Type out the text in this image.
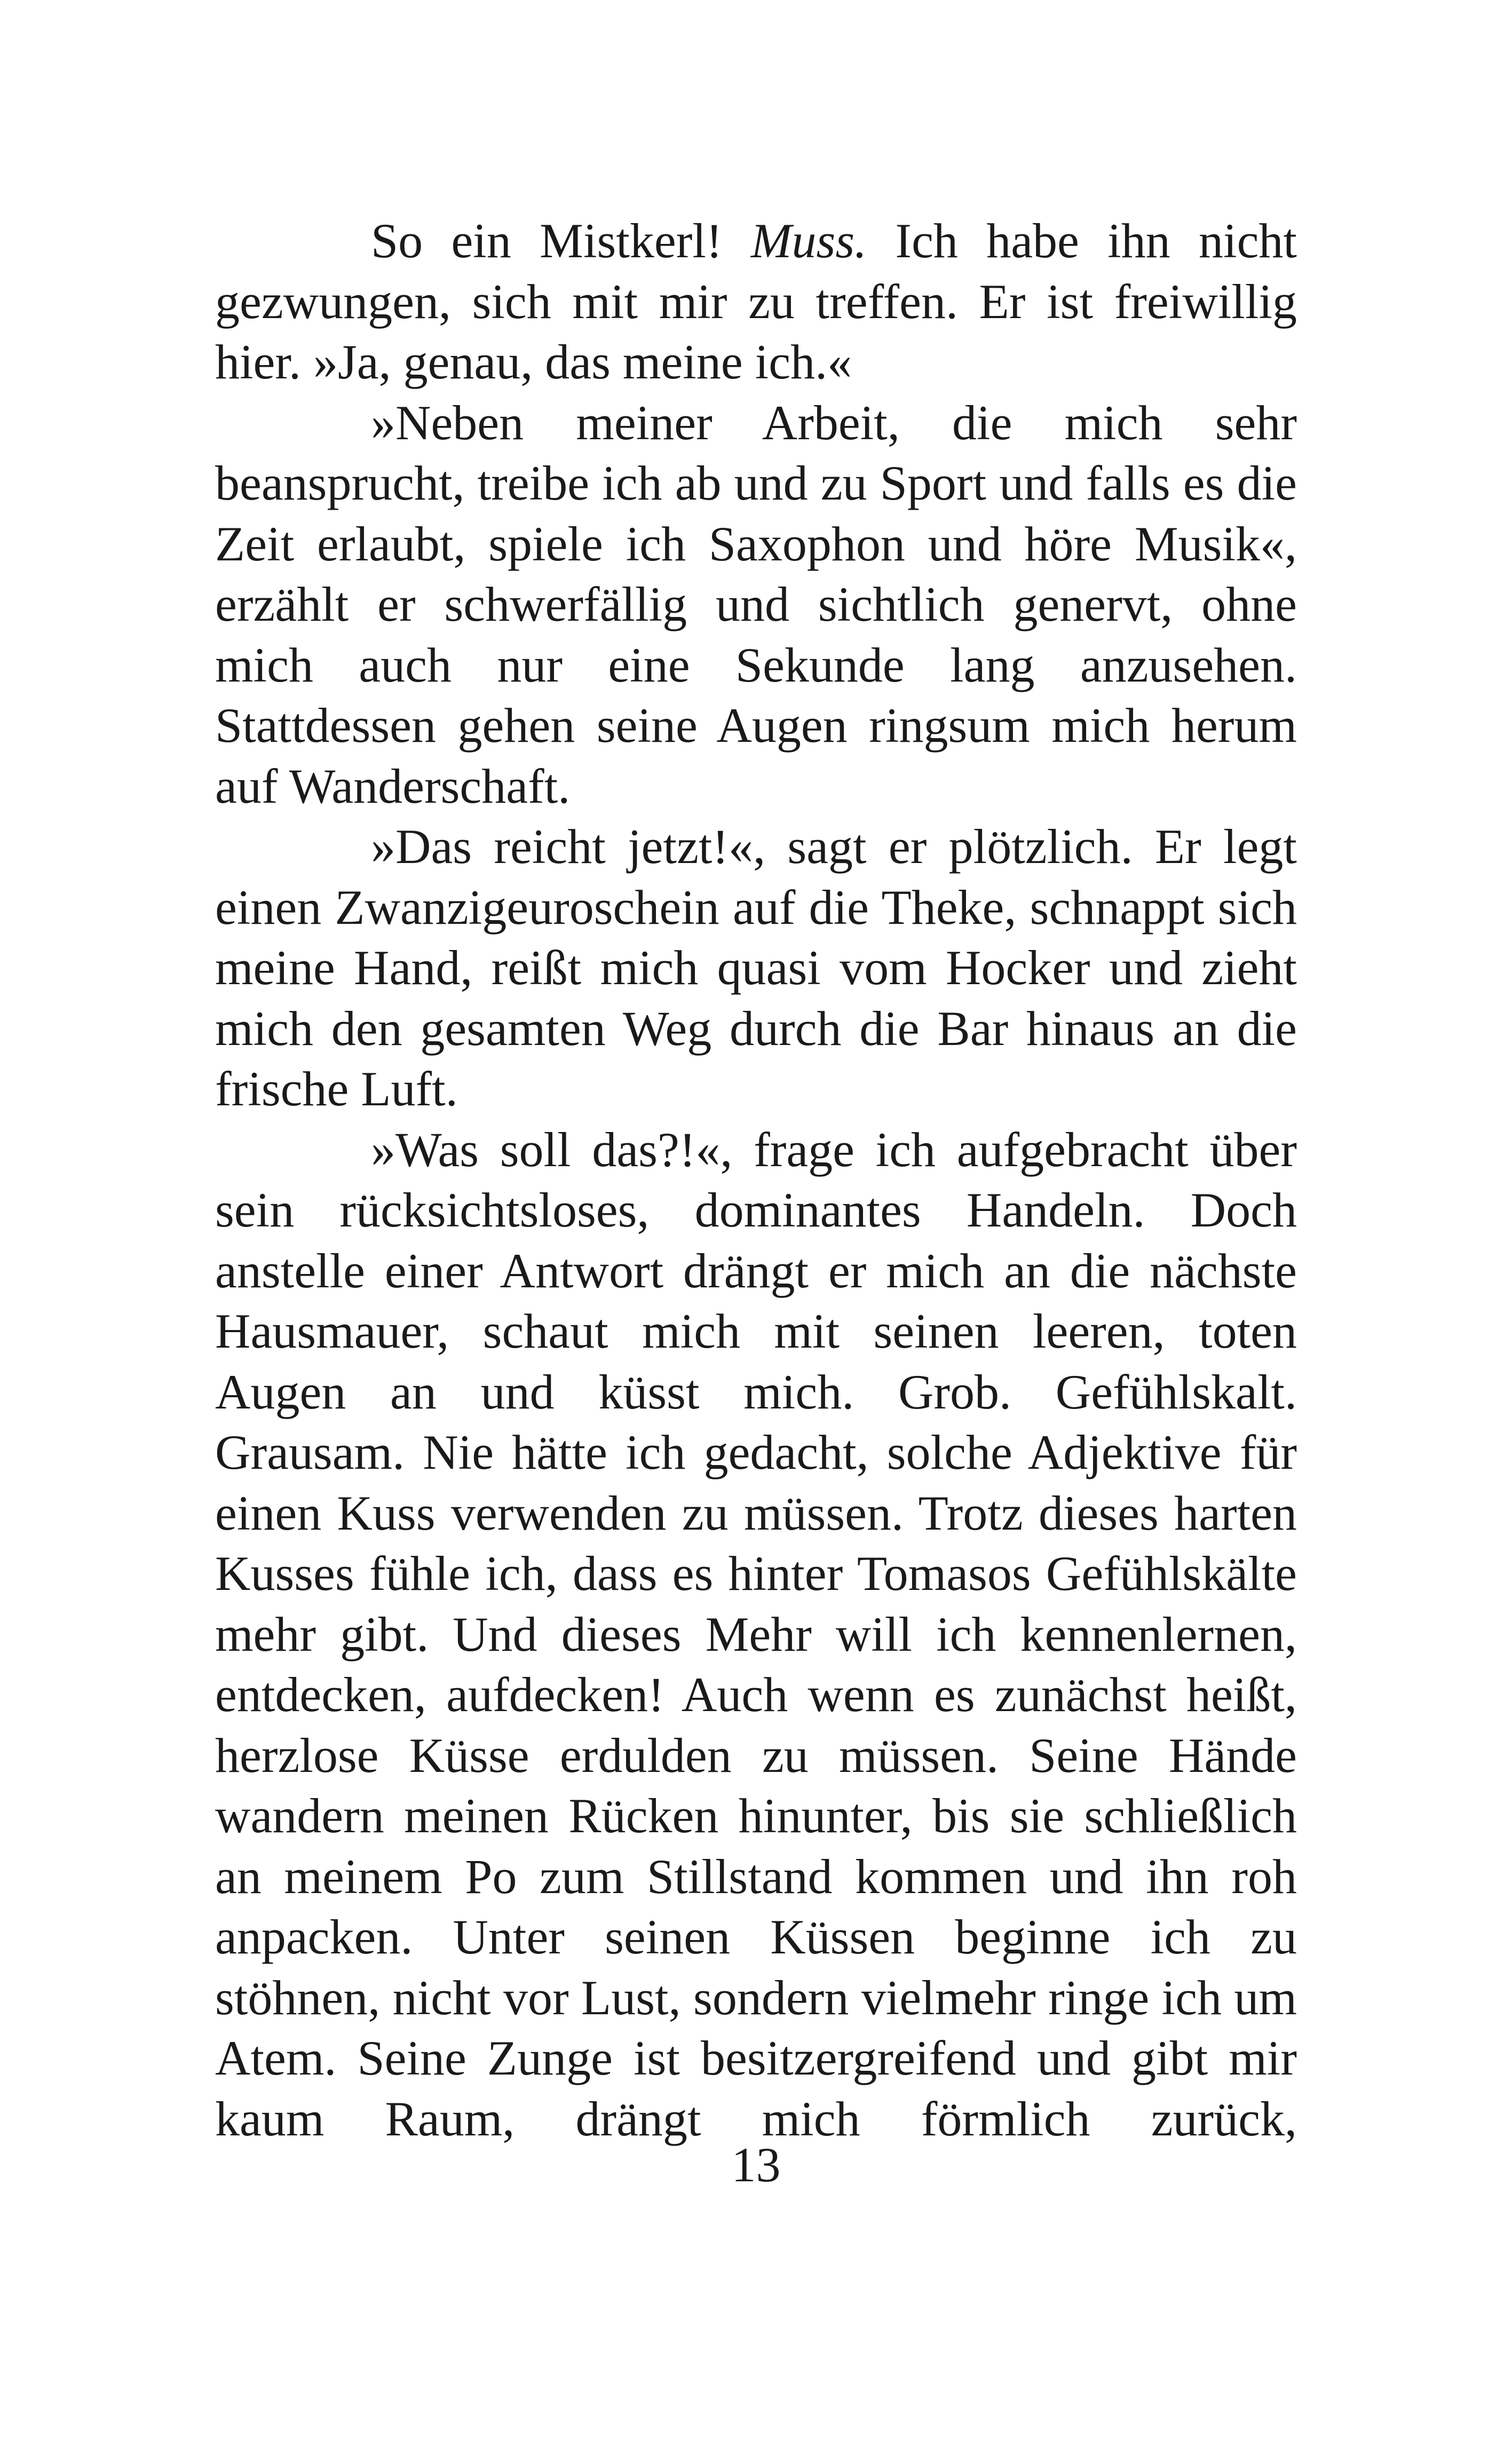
So ein Mistkerl! Muss. Ich habe ihn nicht gezwungen, sich mit mir zu treffen. Er ist freiwillig hier. »Ja, genau, das meine ich.«

»Neben meiner Arbeit, die mich sehr beansprucht, treibe ich ab und zu Sport und falls es die Zeit erlaubt, spiele ich Saxophon und höre Musik«, erzählt er schwerfällig und sichtlich genervt, ohne mich auch nur eine Sekunde lang anzusehen. Stattdessen gehen seine Augen ringsum mich herum auf Wanderschaft.

»Das reicht jetzt!«, sagt er plötzlich. Er legt einen Zwanzigeuroschein auf die Theke, schnappt sich meine Hand, reißt mich quasi vom Hocker und zieht mich den gesamten Weg durch die Bar hinaus an die frische Luft.

»Was soll das?!«, frage ich aufgebracht über sein rücksichtsloses, dominantes Handeln. Doch anstelle einer Antwort drängt er mich an die nächste Hausmauer, schaut mich mit seinen leeren, toten Augen an und küsst mich. Grob. Gefühlskalt. Grausam. Nie hätte ich gedacht, solche Adjektive für einen Kuss verwenden zu müssen. Trotz dieses harten Kusses fühle ich, dass es hinter Tomasos Gefühlskälte mehr gibt. Und dieses Mehr will ich kennenlernen, entdecken, aufdecken! Auch wenn es zunächst heißt, herzlose Küsse erdulden zu müssen. Seine Hände wandern meinen Rücken hinunter, bis sie schließlich an meinem Po zum Stillstand kommen und ihn roh anpacken. Unter seinen Küssen beginne ich zu stöhnen, nicht vor Lust, sondern vielmehr ringe ich um Atem. Seine Zunge ist besitzergreifend und gibt mir kaum Raum, drängt mich förmlich zurück,

13
